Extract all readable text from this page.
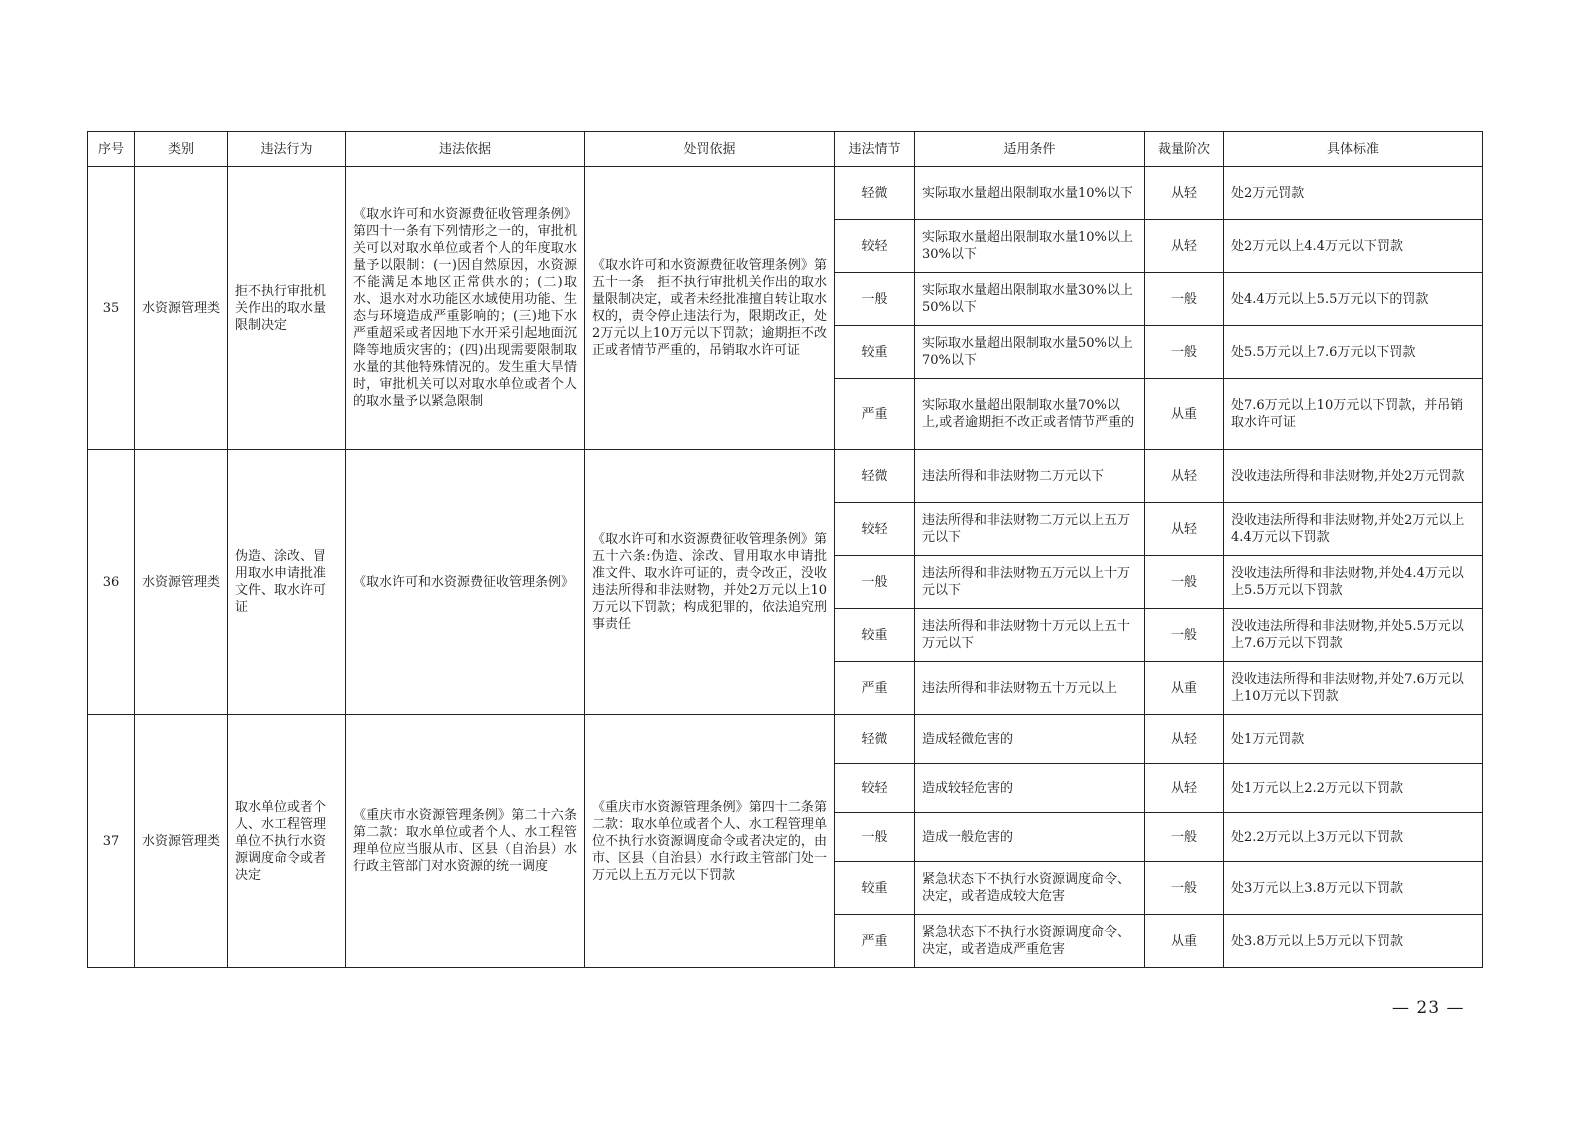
序号	类别	违法行为	违法依据	处罚依据	违法情节	适用条件	裁量阶次	具体标准
35	水资源管理类	拒不执行审批机关作出的取水量限制决定	《取水许可和水资源费征收管理条例》第四十一条有下列情形之一的，审批机关可以对取水单位或者个人的年度取水量予以限制：(一)因自然原因，水资源不能满足本地区正常供水的；(二)取水、退水对水功能区水域使用功能、生态与环境造成严重影响的；(三)地下水严重超采或者因地下水开采引起地面沉降等地质灾害的；(四)出现需要限制取水量的其他特殊情况的。发生重大旱情时，审批机关可以对取水单位或者个人的取水量予以紧急限制	《取水许可和水资源费征收管理条例》第五十一条　拒不执行审批机关作出的取水量限制决定，或者未经批准擅自转让取水权的，责令停止违法行为，限期改正，处2万元以上10万元以下罚款；逾期拒不改正或者情节严重的，吊销取水许可证	轻微	实际取水量超出限制取水量10%以下	从轻	处2万元罚款
					较轻	实际取水量超出限制取水量10%以上30%以下	从轻	处2万元以上4.4万元以下罚款
					一般	实际取水量超出限制取水量30%以上50%以下	一般	处4.4万元以上5.5万元以下的罚款
					较重	实际取水量超出限制取水量50%以上70%以下	一般	处5.5万元以上7.6万元以下罚款
					严重	实际取水量超出限制取水量70%以上,或者逾期拒不改正或者情节严重的	从重	处7.6万元以上10万元以下罚款，并吊销取水许可证
36	水资源管理类	伪造、涂改、冒用取水申请批准文件、取水许可证	《取水许可和水资源费征收管理条例》	《取水许可和水资源费征收管理条例》第五十六条:伪造、涂改、冒用取水申请批准文件、取水许可证的，责令改正，没收违法所得和非法财物，并处2万元以上10万元以下罚款；构成犯罪的，依法追究刑事责任	轻微	违法所得和非法财物二万元以下	从轻	没收违法所得和非法财物,并处2万元罚款
					较轻	违法所得和非法财物二万元以上五万元以下	从轻	没收违法所得和非法财物,并处2万元以上4.4万元以下罚款
					一般	违法所得和非法财物五万元以上十万元以下	一般	没收违法所得和非法财物,并处4.4万元以上5.5万元以下罚款
					较重	违法所得和非法财物十万元以上五十万元以下	一般	没收违法所得和非法财物,并处5.5万元以上7.6万元以下罚款
					严重	违法所得和非法财物五十万元以上	从重	没收违法所得和非法财物,并处7.6万元以上10万元以下罚款
37	水资源管理类	取水单位或者个人、水工程管理单位不执行水资源调度命令或者决定	《重庆市水资源管理条例》第二十六条第二款：取水单位或者个人、水工程管理单位应当服从市、区县（自治县）水行政主管部门对水资源的统一调度	《重庆市水资源管理条例》第四十二条第二款：取水单位或者个人、水工程管理单位不执行水资源调度命令或者决定的，由市、区县（自治县）水行政主管部门处一万元以上五万元以下罚款	轻微	造成轻微危害的	从轻	处1万元罚款
					较轻	造成较轻危害的	从轻	处1万元以上2.2万元以下罚款
					一般	造成一般危害的	一般	处2.2万元以上3万元以下罚款
					较重	紧急状态下不执行水资源调度命令、决定，或者造成较大危害	一般	处3万元以上3.8万元以下罚款
					严重	紧急状态下不执行水资源调度命令、决定，或者造成严重危害	从重	处3.8万元以上5万元以下罚款
— 23 —
